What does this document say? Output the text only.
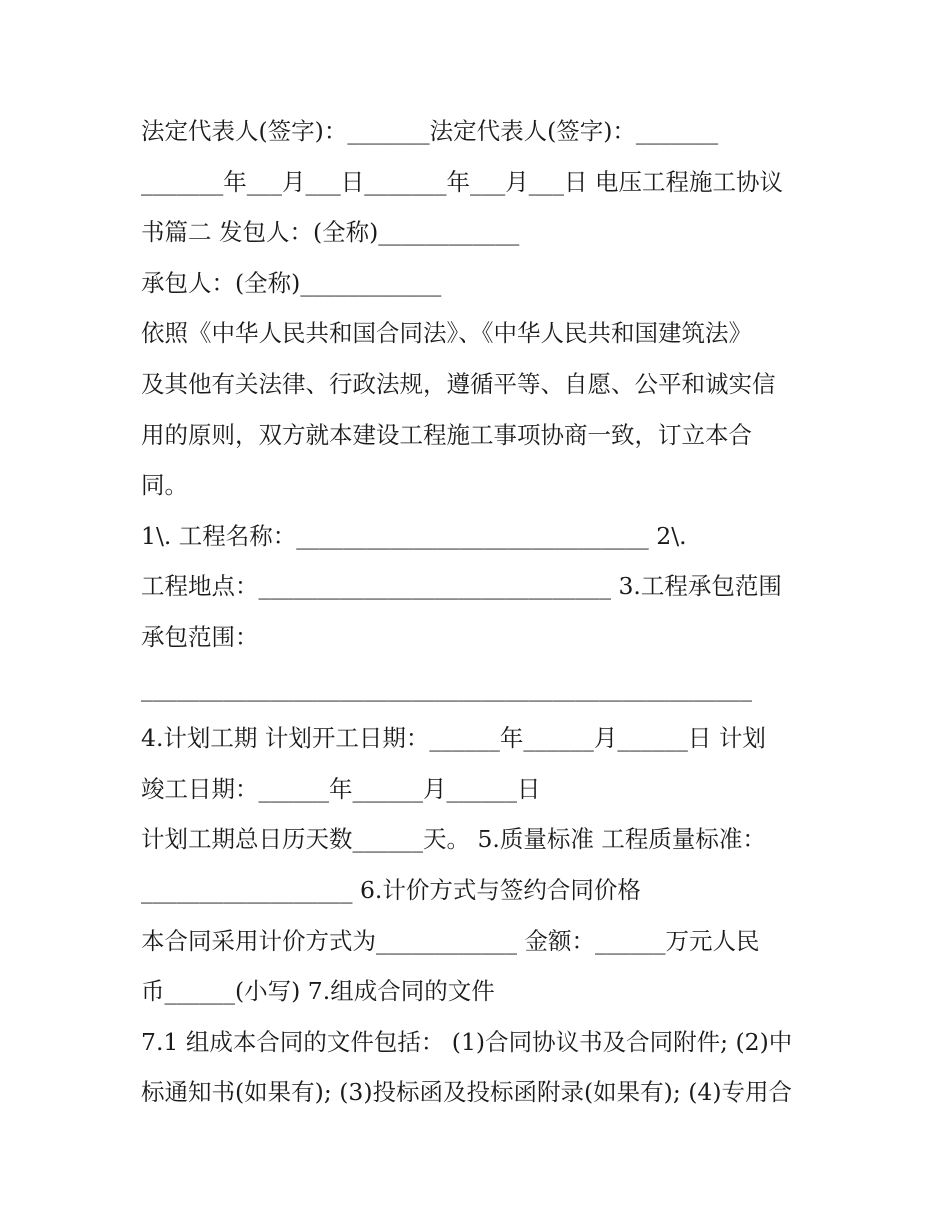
法定代表人(签字)：_______法定代表人(签字)：_______
_______年___月___日_______年___月___日 电压工程施工协议
书篇二 发包人：(全称)____________
承包人：(全称)____________
依照《中华人民共和国合同法》、《中华人民共和国建筑法》
及其他有关法律、行政法规，遵循平等、自愿、公平和诚实信
用的原则，双方就本建设工程施工事项协商一致，订立本合
同。
1\. 工程名称：______________________________ 2\.
工程地点：______________________________ 3.工程承包范围
承包范围：
____________________________________________________
4.计划工期 计划开工日期：______年______月______日 计划
竣工日期：______年______月______日
计划工期总日历天数______天。 5.质量标准 工程质量标准：
__________________ 6.计价方式与签约合同价格
本合同采用计价方式为____________ 金额：______万元人民
币______(小写) 7.组成合同的文件
7.1 组成本合同的文件包括： (1)合同协议书及合同附件; (2)中
标通知书(如果有); (3)投标函及投标函附录(如果有); (4)专用合
